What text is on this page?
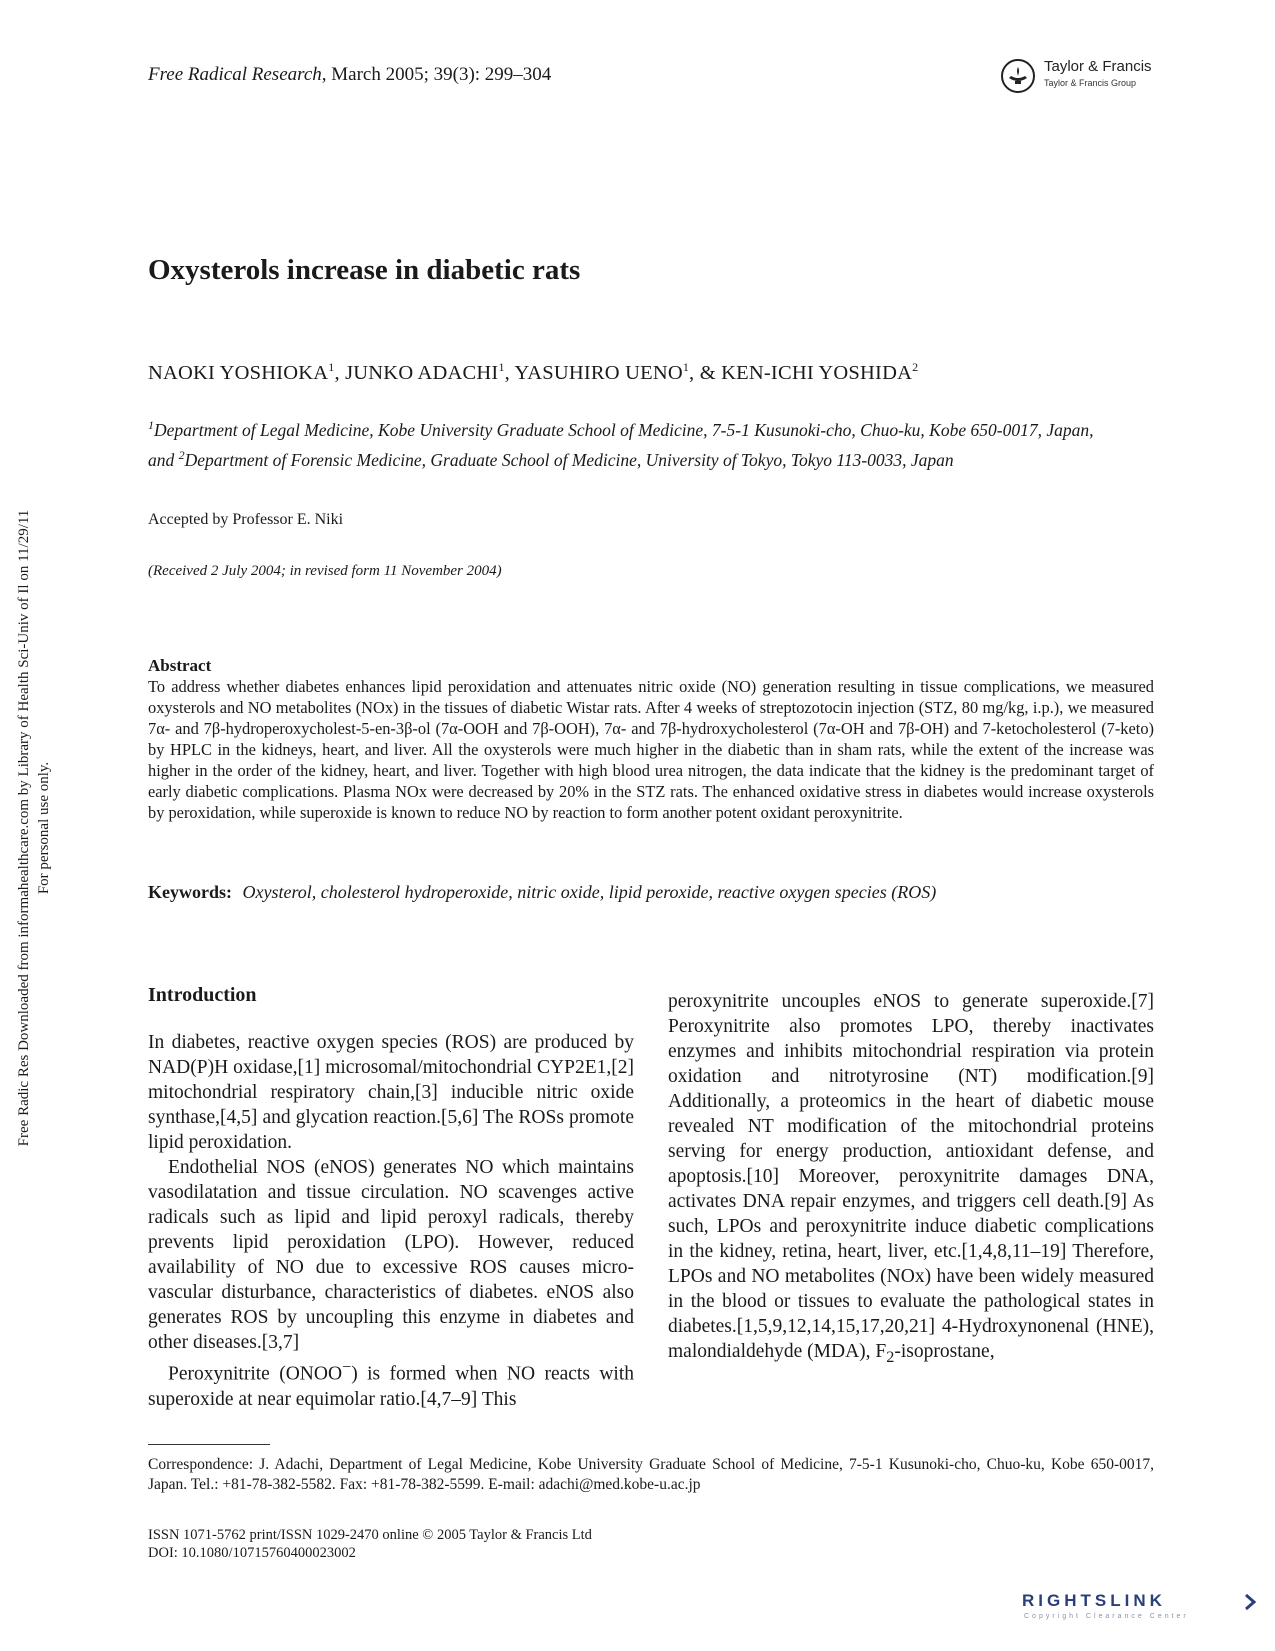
Free Radic Res Downloaded from informahealthcare.com by Library of Health Sci-Univ of Il on 11/29/11 For personal use only.
Free Radical Research, March 2005; 39(3): 299–304	Taylor & Francis
Taylor & Francis Group
Oxysterols increase in diabetic rats
NAOKI YOSHIOKA$^1$, JUNKO ADACHI$^1$, YASUHIRO UENO$^1$, & KEN-ICHI YOSHIDA$^2$
$^1$Department of Legal Medicine, Kobe University Graduate School of Medicine, 7-5-1 Kusunoki-cho, Chuo-ku, Kobe 650-0017, Japan, and $^2$Department of Forensic Medicine, Graduate School of Medicine, University of Tokyo, Tokyo 113-0033, Japan
Accepted by Professor E. Niki
(Received 2 July 2004; in revised form 11 November 2004)
Abstract
To address whether diabetes enhances lipid peroxidation and attenuates nitric oxide (NO) generation resulting in tissue complications, we measured oxysterols and NO metabolites (NOx) in the tissues of diabetic Wistar rats. After 4 weeks of streptozotocin injection (STZ, 80 mg/kg, i.p.), we measured 7α- and 7β-hydroperoxycholest-5-en-3β-ol (7α-OOH and 7β-OOH), 7α- and 7β-hydroxycholesterol (7α-OH and 7β-OH) and 7-ketocholesterol (7-keto) by HPLC in the kidneys, heart, and liver. All the oxysterols were much higher in the diabetic than in sham rats, while the extent of the increase was higher in the order of the kidney, heart, and liver. Together with high blood urea nitrogen, the data indicate that the kidney is the predominant target of early diabetic complications. Plasma NOx were decreased by 20% in the STZ rats. The enhanced oxidative stress in diabetes would increase oxysterols by peroxidation, while superoxide is known to reduce NO by reaction to form another potent oxidant peroxynitrite.
Keywords: Oxysterol, cholesterol hydroperoxide, nitric oxide, lipid peroxide, reactive oxygen species (ROS)
Introduction

In diabetes, reactive oxygen species (ROS) are produced by NAD(P)H oxidase,[1] microsomal/mitochondrial CYP2E1,[2] mitochondrial respiratory chain,[3] inducible nitric oxide synthase,[4,5] and glycation reaction.[5,6] The ROSs promote lipid peroxidation.

Endothelial NOS (eNOS) generates NO which maintains vasodilatation and tissue circulation. NO scavenges active radicals such as lipid and lipid peroxyl radicals, thereby prevents lipid peroxidation (LPO). However, reduced availability of NO due to excessive ROS causes micro-vascular disturbance, characteristics of diabetes. eNOS also generates ROS by uncoupling this enzyme in diabetes and other diseases.[3,7]

Peroxynitrite (ONOO−) is formed when NO reacts with superoxide at near equimolar ratio.[4,7–9] This

peroxynitrite uncouples eNOS to generate superoxide.[7] Peroxynitrite also promotes LPO, thereby inactivates enzymes and inhibits mitochondrial respiration via protein oxidation and nitrotyrosine (NT) modification.[9] Additionally, a proteomics in the heart of diabetic mouse revealed NT modification of the mitochondrial proteins serving for energy production, antioxidant defense, and apoptosis.[10] Moreover, peroxynitrite damages DNA, activates DNA repair enzymes, and triggers cell death.[9] As such, LPOs and peroxynitrite induce diabetic complications in the kidney, retina, heart, liver, etc.[1,4,8,11–19] Therefore, LPOs and NO metabolites (NOx) have been widely measured in the blood or tissues to evaluate the pathological states in diabetes.[1,5,9,12,14,15,17,20,21] 4-Hydroxynonenal (HNE), malondialdehyde (MDA), $F_2$-isoprostane,

Correspondence: J. Adachi, Department of Legal Medicine, Kobe University Graduate School of Medicine, 7-5-1 Kusunoki-cho, Chuo-ku, Kobe 650-0017, Japan. Tel.: +81-78-382-5582. Fax: +81-78-382-5599. E-mail: adachi@med.kobe-u.ac.jp
ISSN 1071-5762 print/ISSN 1029-2470 online © 2005 Taylor & Francis Ltd
DOI: 10.1080/10715760400023002
RIGHTSLINK
Copyright Clearance Center
